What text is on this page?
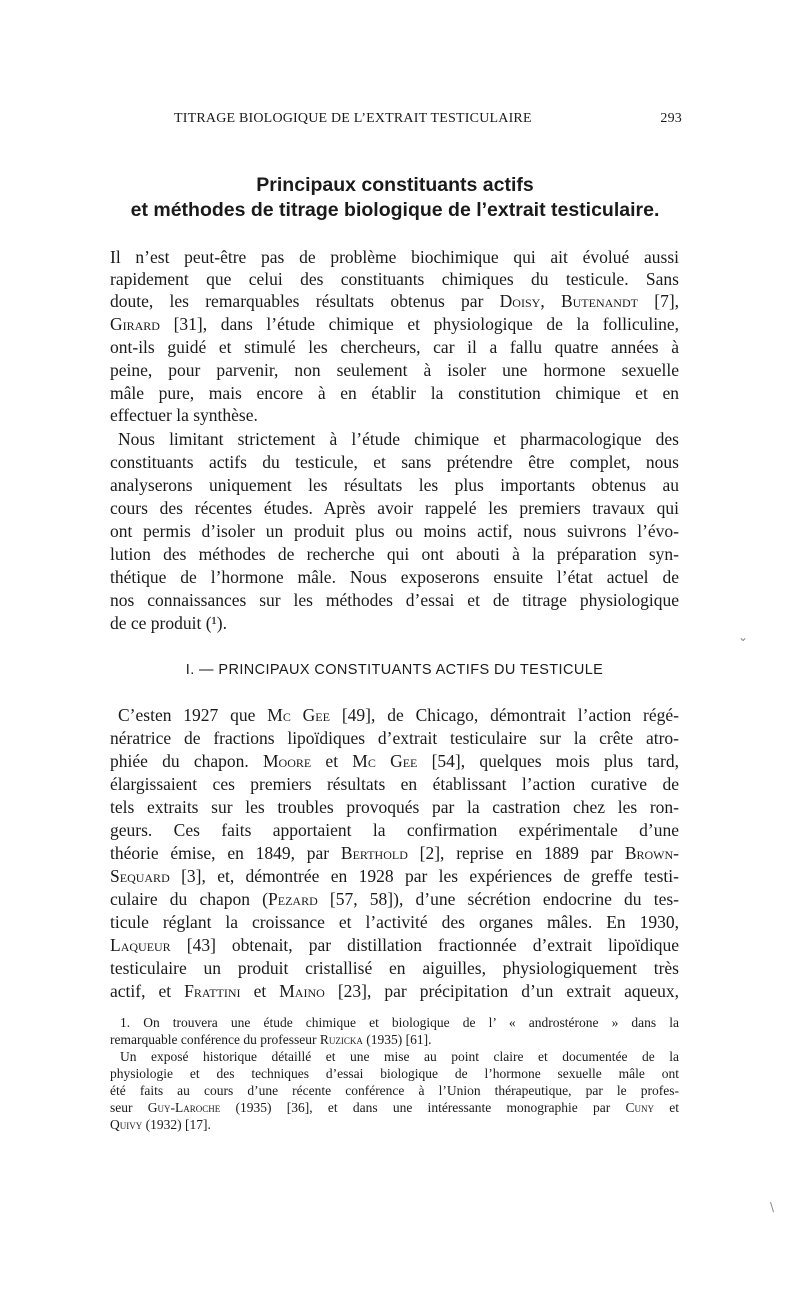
TITRAGE BIOLOGIQUE DE L’EXTRAIT TESTICULAIRE	293
Principaux constituants actifs
et méthodes de titrage biologique de l’extrait testiculaire.
Il n’est peut-être pas de problème biochimique qui ait évolué aussi
rapidement que celui des constituants chimiques du testicule. Sans
doute, les remarquables résultats obtenus par Doisy, Butenandt [7],
Girard [31], dans l’étude chimique et physiologique de la folliculine,
ont-ils guidé et stimulé les chercheurs, car il a fallu quatre années à
peine, pour parvenir, non seulement à isoler une hormone sexuelle
mâle pure, mais encore à en établir la constitution chimique et en
effectuer la synthèse.
Nous limitant strictement à l’étude chimique et pharmacologique des
constituants actifs du testicule, et sans prétendre être complet, nous
analyserons uniquement les résultats les plus importants obtenus au
cours des récentes études. Après avoir rappelé les premiers travaux qui
ont permis d’isoler un produit plus ou moins actif, nous suivrons l’évo-
lution des méthodes de recherche qui ont abouti à la préparation syn-
thétique de l’hormone mâle. Nous exposerons ensuite l’état actuel de
nos connaissances sur les méthodes d’essai et de titrage physiologique
de ce produit (¹).
⌄
I. — PRINCIPAUX CONSTITUANTS ACTIFS DU TESTICULE
C’esten 1927 que Mc Gee [49], de Chicago, démontrait l’action régé-
nératrice de fractions lipoïdiques d’extrait testiculaire sur la crête atro-
phiée du chapon. Moore et Mc Gee [54], quelques mois plus tard,
élargissaient ces premiers résultats en établissant l’action curative de
tels extraits sur les troubles provoqués par la castration chez les ron-
geurs. Ces faits apportaient la confirmation expérimentale d’une
théorie émise, en 1849, par Berthold [2], reprise en 1889 par Brown-
Sequard [3], et, démontrée en 1928 par les expériences de greffe testi-
culaire du chapon (Pezard [57, 58]), d’une sécrétion endocrine du tes-
ticule réglant la croissance et l’activité des organes mâles. En 1930,
Laqueur [43] obtenait, par distillation fractionnée d’extrait lipoïdique
testiculaire un produit cristallisé en aiguilles, physiologiquement très
actif, et Frattini et Maino [23], par précipitation d’un extrait aqueux,
1. On trouvera une étude chimique et biologique de l’ « androstérone » dans la
remarquable conférence du professeur Ruzicka (1935) [61].
Un exposé historique détaillé et une mise au point claire et documentée de la
physiologie et des techniques d’essai biologique de l’hormone sexuelle mâle ont
été faits au cours d’une récente conférence à l’Union thérapeutique, par le profes-
seur Guy-Laroche (1935) [36], et dans une intéressante monographie par Cuny et
Quivy (1932) [17].
\
